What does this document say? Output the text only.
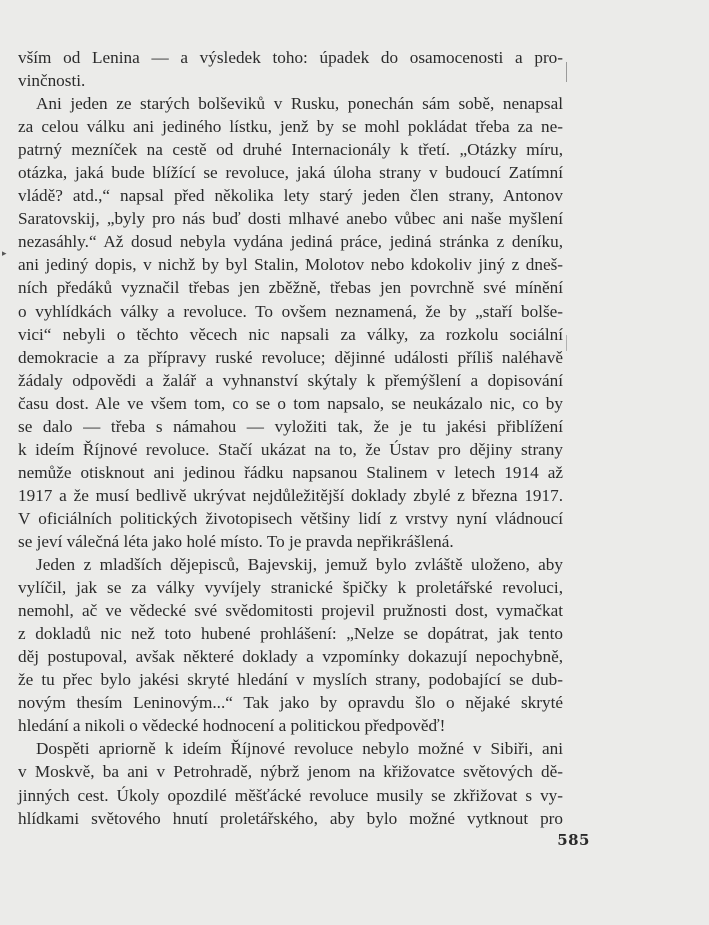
vším od Lenina — a výsledek toho: úpadek do osamocenosti a pro-
vinčnosti.
Ani jeden ze starých bolševiků v Rusku, ponechán sám sobě, nenapsal
za celou válku ani jediného lístku, jenž by se mohl pokládat třeba za ne-
patrný mezníček na cestě od druhé Internacionály k třetí. „Otázky míru,
otázka, jaká bude blížící se revoluce, jaká úloha strany v budoucí Zatímní
vládě? atd.,“ napsal před několika lety starý jeden člen strany, Antonov
Saratovskij, „byly pro nás buď dosti mlhavé anebo vůbec ani naše myšlení
nezasáhly.“ Až dosud nebyla vydána jediná práce, jediná stránka z deníku,
ani jediný dopis, v nichž by byl Stalin, Molotov nebo kdokoliv jiný z dneš-
ních předáků vyznačil třebas jen zběžně, třebas jen povrchně své mínění
o vyhlídkách války a revoluce. To ovšem neznamená, že by „staří bolše-
vici“ nebyli o těchto věcech nic napsali za války, za rozkolu sociální
demokracie a za přípravy ruské revoluce; dějinné události příliš naléhavě
žádaly odpovědi a žalář a vyhnanství skýtaly k přemýšlení a dopisování
času dost. Ale ve všem tom, co se o tom napsalo, se neukázalo nic, co by
se dalo — třeba s námahou — vyložiti tak, že je tu jakési přiblížení
k ideím Říjnové revoluce. Stačí ukázat na to, že Ústav pro dějiny strany
nemůže otisknout ani jedinou řádku napsanou Stalinem v letech 1914 až
1917 a že musí bedlivě ukrývat nejdůležitější doklady zbylé z března 1917.
V oficiálních politických životopisech většiny lidí z vrstvy nyní vládnoucí
se jeví válečná léta jako holé místo. To je pravda nepřikrášlená.
Jeden z mladších dějepisců, Bajevskij, jemuž bylo zvláště uloženo, aby
vylíčil, jak se za války vyvíjely stranické špičky k proletářské revoluci,
nemohl, ač ve vědecké své svědomitosti projevil pružnosti dost, vymačkat
z dokladů nic než toto hubené prohlášení: „Nelze se dopátrat, jak tento
děj postupoval, avšak některé doklady a vzpomínky dokazují nepochybně,
že tu přec bylo jakési skryté hledání v myslích strany, podobající se dub-
novým thesím Leninovým...“ Tak jako by opravdu šlo o nějaké skryté
hledání a nikoli o vědecké hodnocení a politickou předpověď!
Dospěti apriorně k ideím Říjnové revoluce nebylo možné v Sibiři, ani
v Moskvě, ba ani v Petrohradě, nýbrž jenom na křižovatce světových dě-
jinných cest. Úkoly opozdilé měšťácké revoluce musily se zkřižovat s vy-
hlídkami světového hnutí proletářského, aby bylo možné vytknout pro
585
▸
